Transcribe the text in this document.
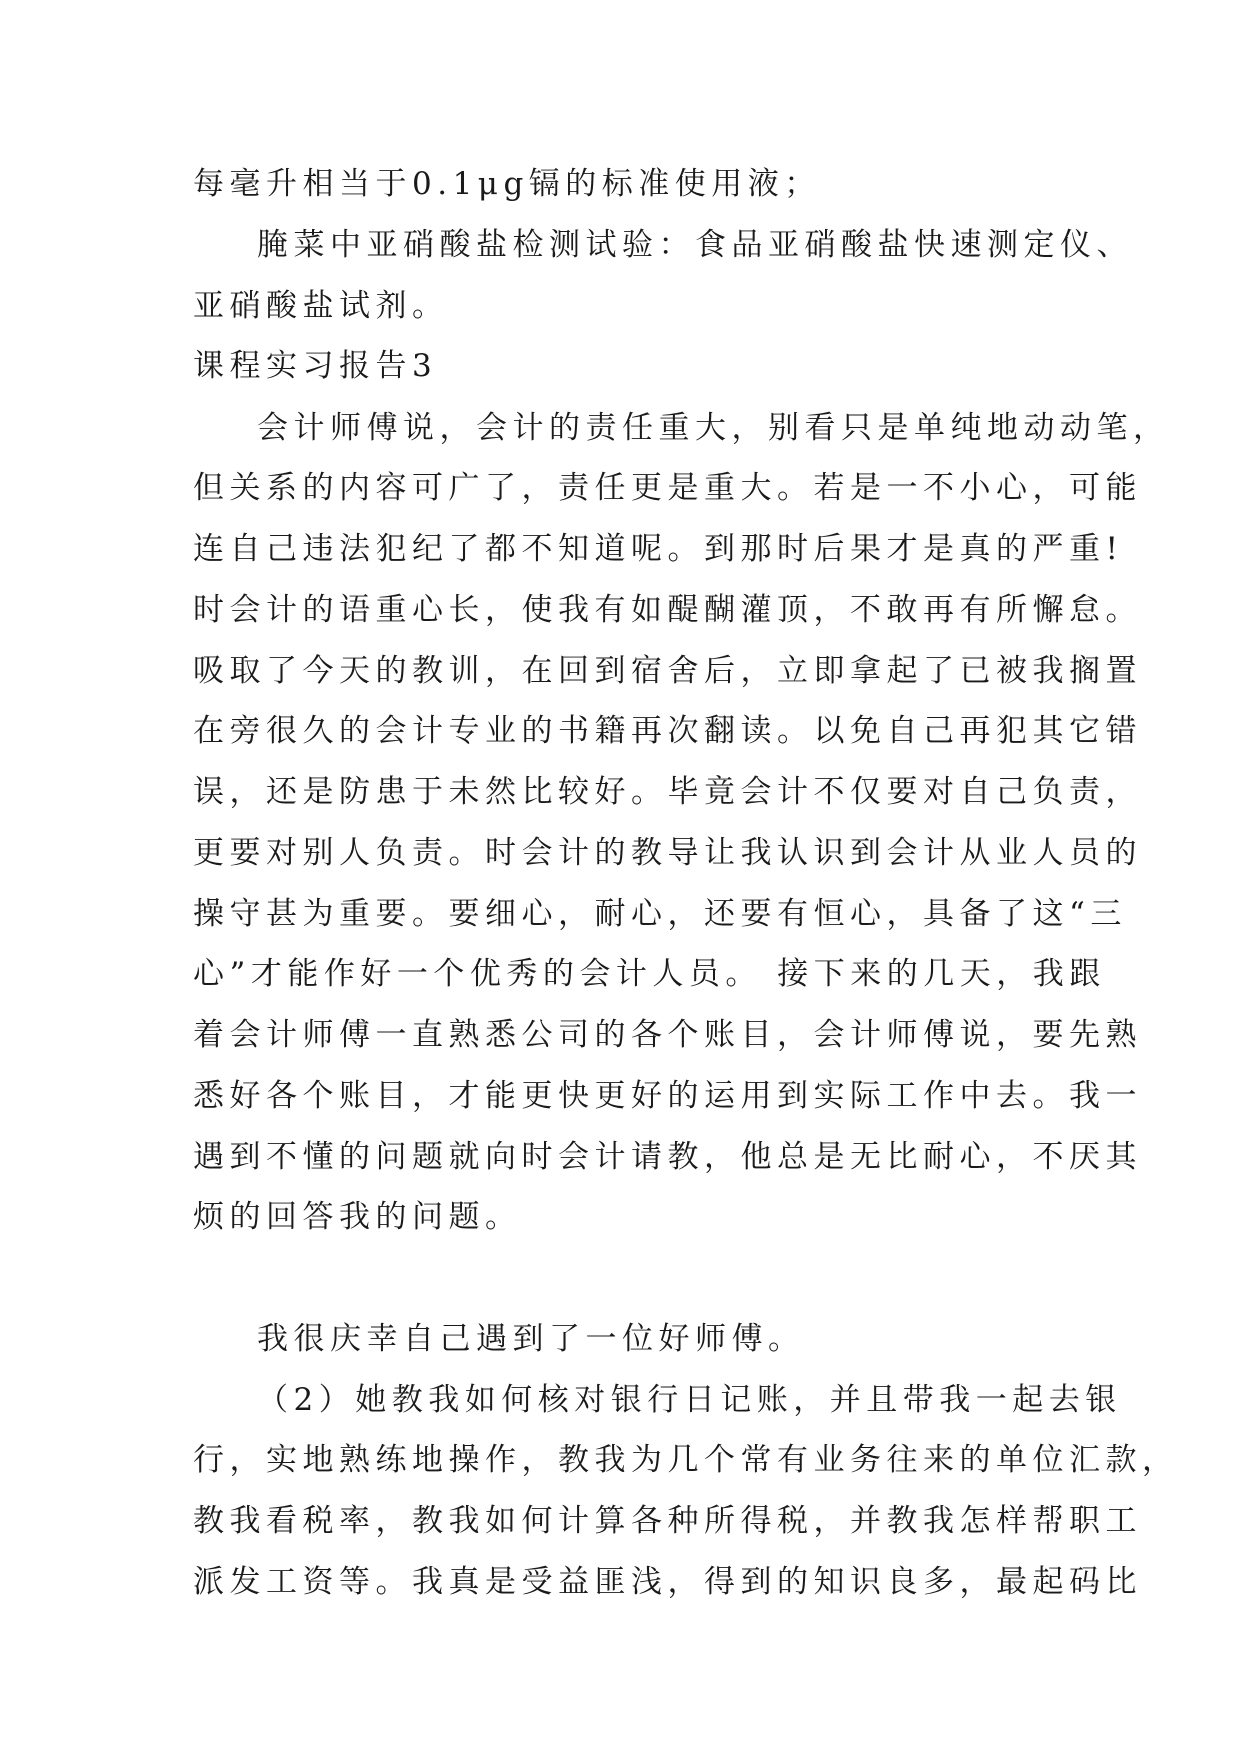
每毫升相当于0.1μg镉的标准使用液；

腌菜中亚硝酸盐检测试验：食品亚硝酸盐快速测定仪、

亚硝酸盐试剂。

课程实习报告3

会计师傅说，会计的责任重大，别看只是单纯地动动笔，

但关系的内容可广了，责任更是重大。若是一不小心，可能

连自己违法犯纪了都不知道呢。到那时后果才是真的严重!

时会计的语重心长，使我有如醍醐灌顶，不敢再有所懈怠。

吸取了今天的教训，在回到宿舍后，立即拿起了已被我搁置

在旁很久的会计专业的书籍再次翻读。以免自己再犯其它错

误，还是防患于未然比较好。毕竟会计不仅要对自己负责，

更要对别人负责。时会计的教导让我认识到会计从业人员的

操守甚为重要。要细心，耐心，还要有恒心，具备了这“三

心”才能作好一个优秀的会计人员。 接下来的几天，我跟

着会计师傅一直熟悉公司的各个账目，会计师傅说，要先熟

悉好各个账目，才能更快更好的运用到实际工作中去。我一

遇到不懂的问题就向时会计请教，他总是无比耐心，不厌其

烦的回答我的问题。

我很庆幸自己遇到了一位好师傅。

（2）她教我如何核对银行日记账，并且带我一起去银

行，实地熟练地操作，教我为几个常有业务往来的单位汇款，

教我看税率，教我如何计算各种所得税，并教我怎样帮职工

派发工资等。我真是受益匪浅，得到的知识良多，最起码比
